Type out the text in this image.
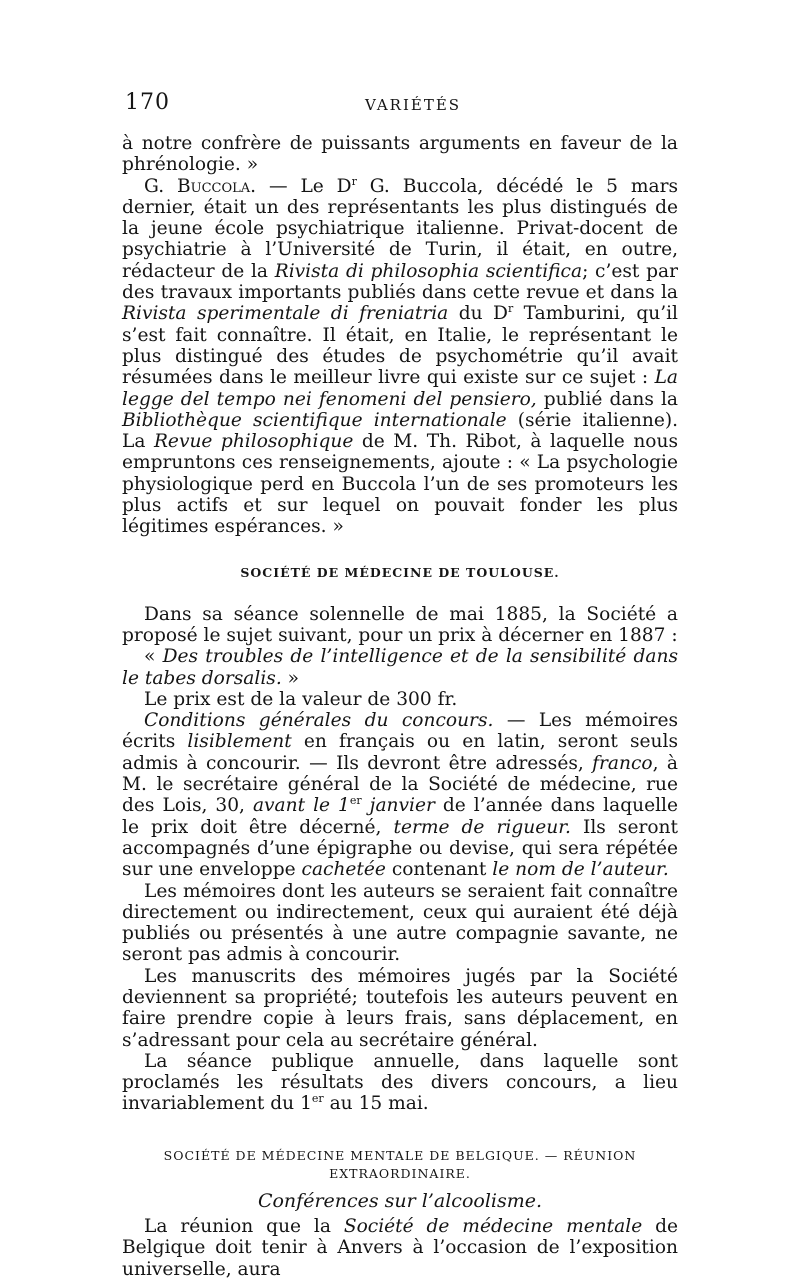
170	VARIÉTÉS

à notre confrère de puissants arguments en faveur de la phrénologie. »

G. Buccola. — Le $D^r$ G. Buccola, décédé le 5 mars dernier, était un des représentants les plus distingués de la jeune école psychiatrique italienne. Privat-docent de psychiatrie à l’Université de Turin, il était, en outre, rédacteur de la Rivista di philosophia scientifica; c’est par des travaux importants publiés dans cette revue et dans la Rivista sperimentale di freniatria du $D^r$ Tamburini, qu’il s’est fait connaître. Il était, en Italie, le représentant le plus distingué des études de psychométrie qu’il avait résumées dans le meilleur livre qui existe sur ce sujet : La legge del tempo nei fenomeni del pensiero, publié dans la Bibliothèque scientifique internationale (série italienne). La Revue philosophique de M. Th. Ribot, à laquelle nous empruntons ces renseignements, ajoute : « La psychologie physiologique perd en Buccola l’un de ses promoteurs les plus actifs et sur lequel on pouvait fonder les plus légitimes espérances. »

SOCIÉTÉ DE MÉDECINE DE TOULOUSE.

Dans sa séance solennelle de mai 1885, la Société a proposé le sujet suivant, pour un prix à décerner en 1887 :

« Des troubles de l’intelligence et de la sensibilité dans le tabes dorsalis. »

Le prix est de la valeur de 300 fr.

Conditions générales du concours. — Les mémoires écrits lisiblement en français ou en latin, seront seuls admis à concourir. — Ils devront être adressés, franco, à M. le secrétaire général de la Société de médecine, rue des Lois, 30, avant le 1er janvier de l’année dans laquelle le prix doit être décerné, terme de rigueur. Ils seront accompagnés d’une épigraphe ou devise, qui sera répétée sur une enveloppe cachetée contenant le nom de l’auteur.

Les mémoires dont les auteurs se seraient fait connaître directement ou indirectement, ceux qui auraient été déjà publiés ou présentés à une autre compagnie savante, ne seront pas admis à concourir.

Les manuscrits des mémoires jugés par la Société deviennent sa propriété; toutefois les auteurs peuvent en faire prendre copie à leurs frais, sans déplacement, en s’adressant pour cela au secrétaire général.

La séance publique annuelle, dans laquelle sont proclamés les résultats des divers concours, a lieu invariablement du 1er au 15 mai.

SOCIÉTÉ DE MÉDECINE MENTALE DE BELGIQUE. — RÉUNION EXTRAORDINAIRE.
Conférences sur l’alcoolisme.

La réunion que la Société de médecine mentale de Belgique doit tenir à Anvers à l’occasion de l’exposition universelle, aura
